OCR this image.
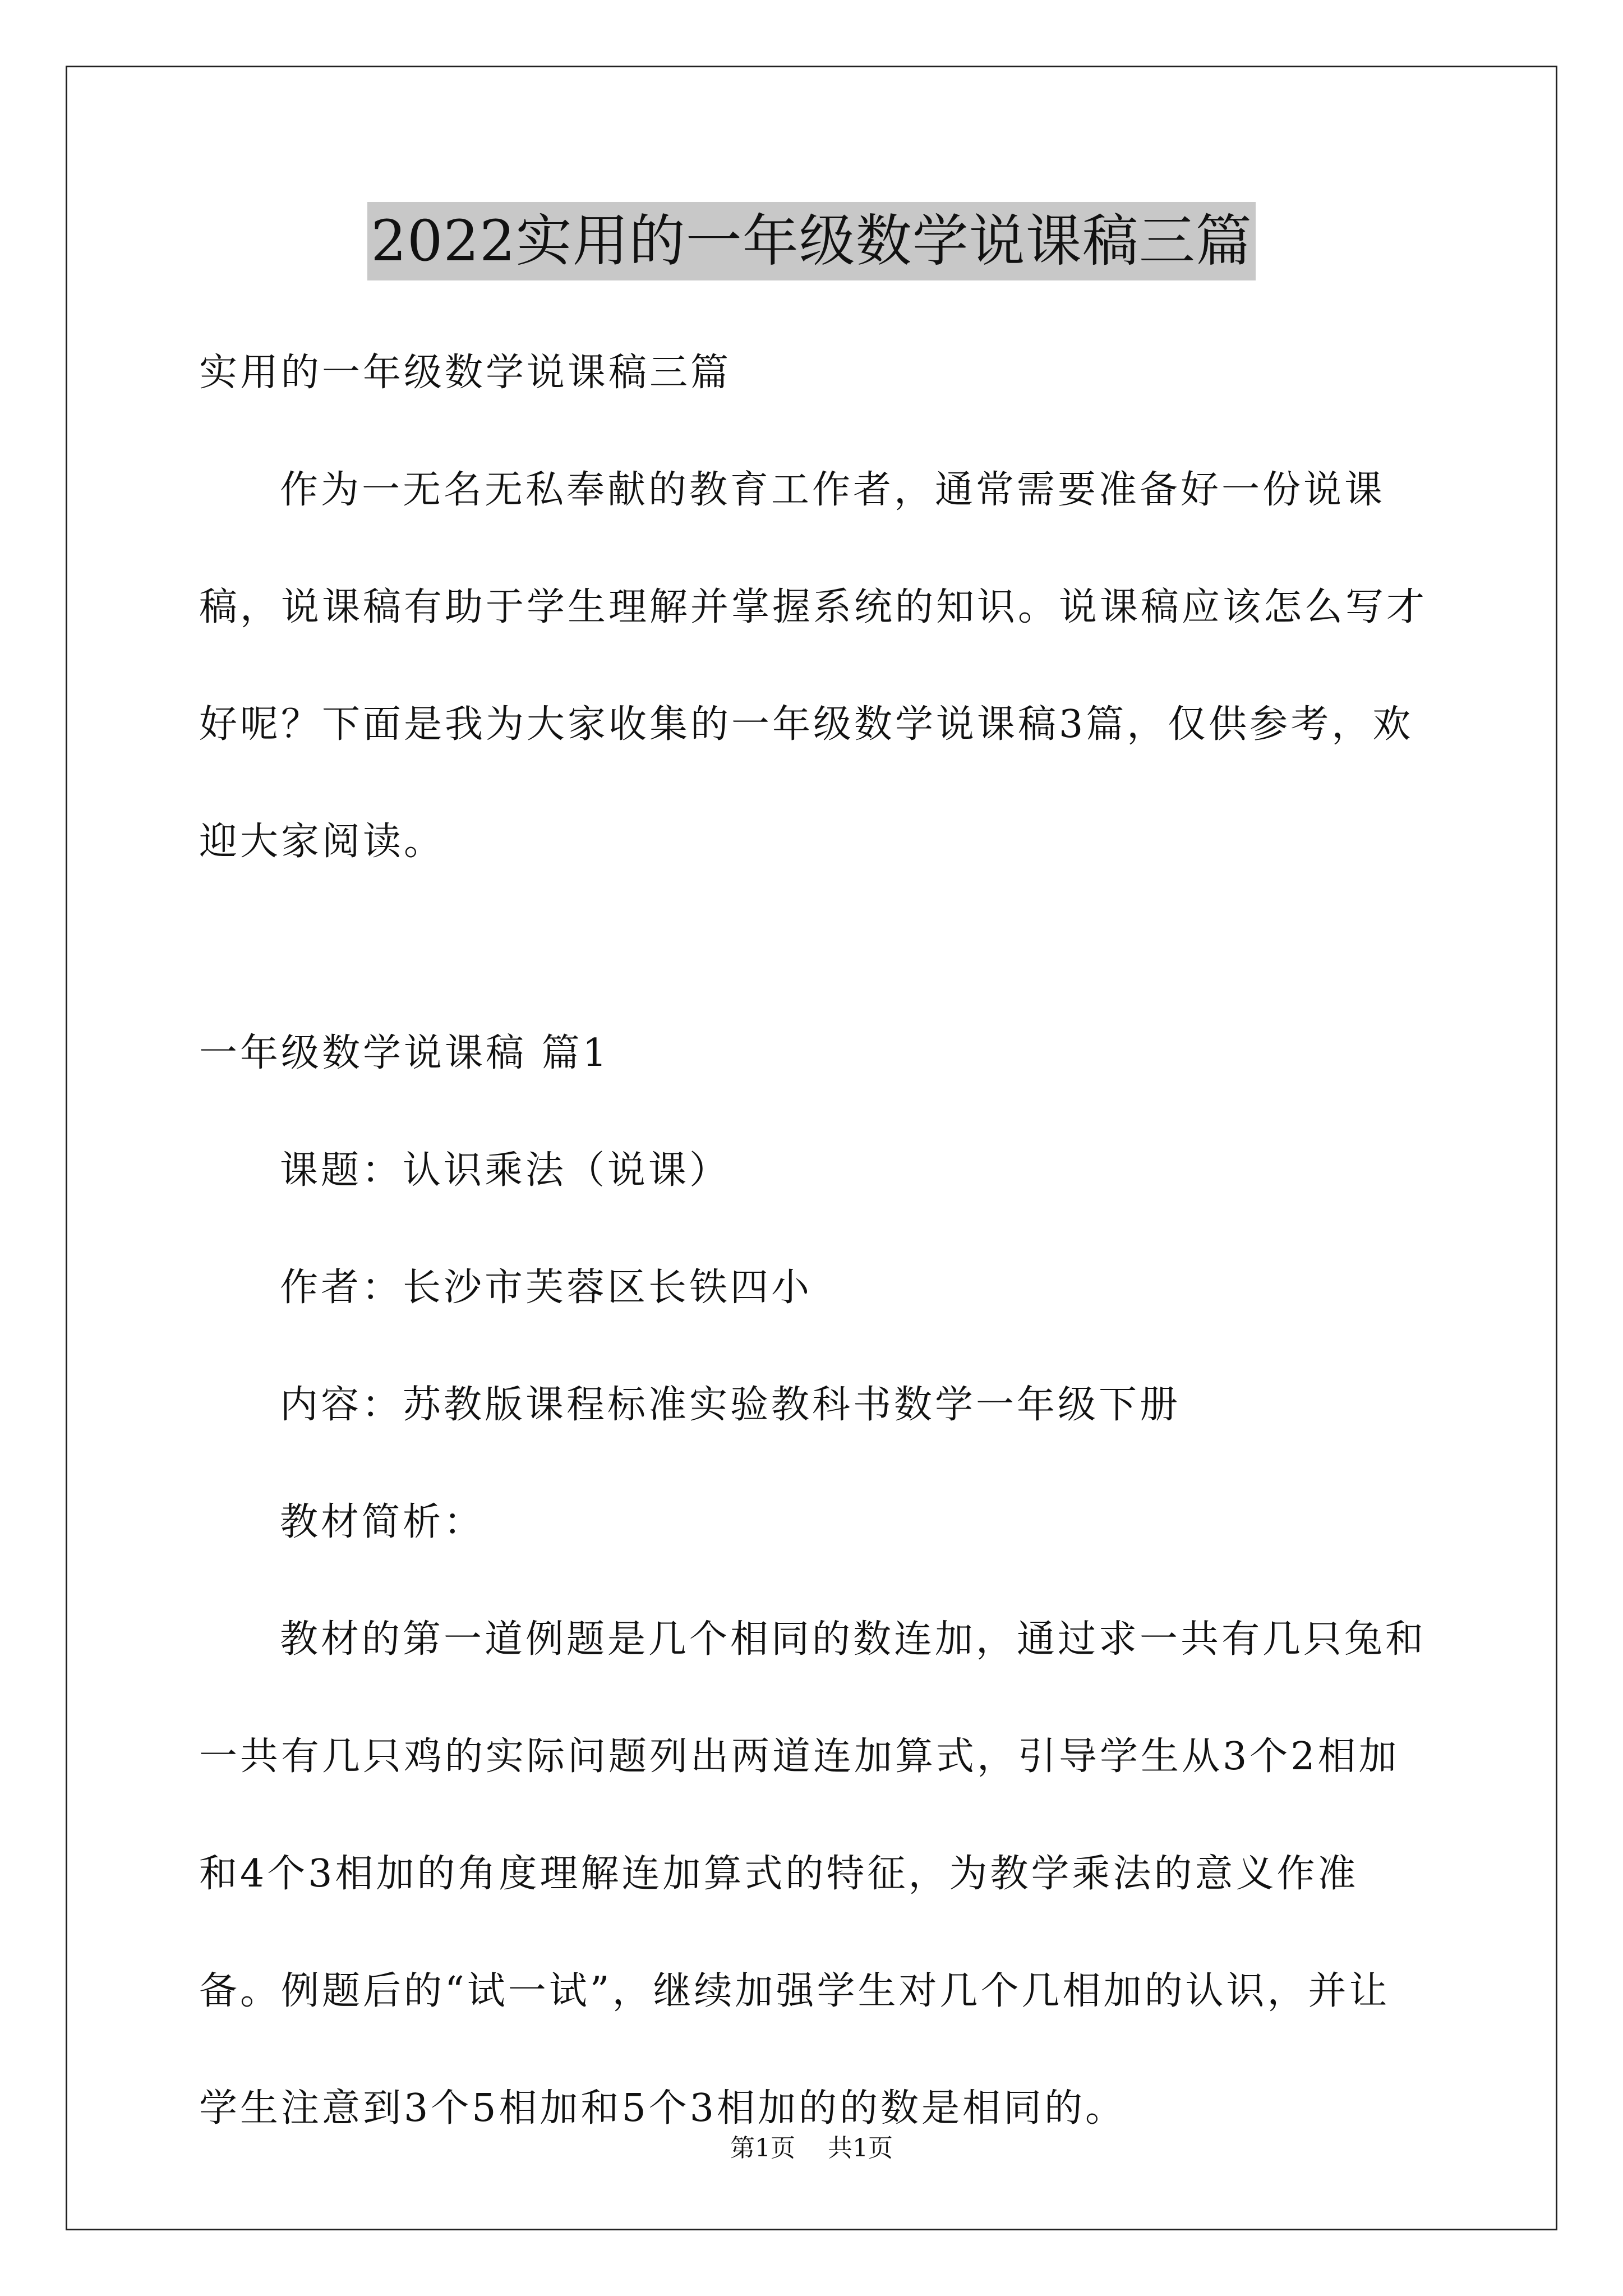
2022实用的一年级数学说课稿三篇

实用的一年级数学说课稿三篇

作为一无名无私奉献的教育工作者，通常需要准备好一份说课稿，说课稿有助于学生理解并掌握系统的知识。说课稿应该怎么写才好呢？下面是我为大家收集的一年级数学说课稿3篇，仅供参考，欢迎大家阅读。

一年级数学说课稿 篇1

课题：认识乘法（说课）

作者：长沙市芙蓉区长铁四小

内容：苏教版课程标准实验教科书数学一年级下册

教材简析：

教材的第一道例题是几个相同的数连加，通过求一共有几只兔和一共有几只鸡的实际问题列出两道连加算式，引导学生从3个2相加和4个3相加的角度理解连加算式的特征，为教学乘法的意义作准备。例题后的“试一试”，继续加强学生对几个几相加的认识，并让学生注意到3个5相加和5个3相加的的数是相同的。

第1页 共1页
